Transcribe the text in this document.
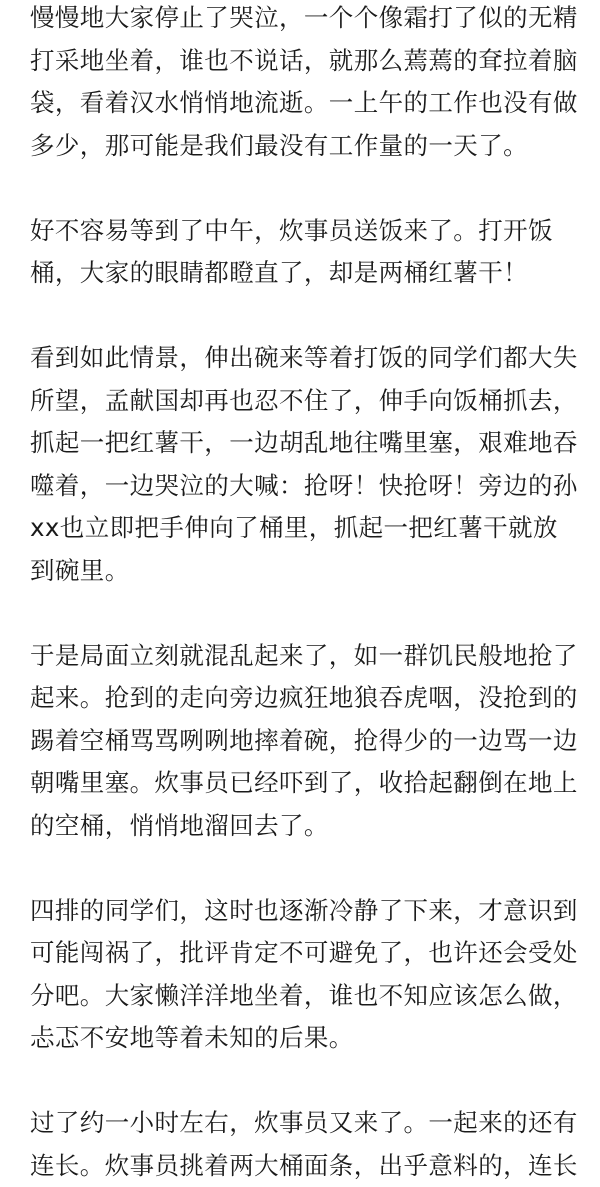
慢慢地大家停止了哭泣，一个个像霜打了似的无精
打采地坐着，谁也不说话，就那么蔫蔫的耷拉着脑
袋，看着汉水悄悄地流逝。一上午的工作也没有做
多少，那可能是我们最没有工作量的一天了。
好不容易等到了中午，炊事员送饭来了。打开饭
桶，大家的眼睛都瞪直了，却是两桶红薯干！
看到如此情景，伸出碗来等着打饭的同学们都大失
所望，孟献国却再也忍不住了，伸手向饭桶抓去，
抓起一把红薯干，一边胡乱地往嘴里塞，艰难地吞
噬着，一边哭泣的大喊：抢呀！快抢呀！旁边的孙
xx也立即把手伸向了桶里，抓起一把红薯干就放
到碗里。
于是局面立刻就混乱起来了，如一群饥民般地抢了
起来。抢到的走向旁边疯狂地狼吞虎咽，没抢到的
踢着空桶骂骂咧咧地摔着碗，抢得少的一边骂一边
朝嘴里塞。炊事员已经吓到了，收拾起翻倒在地上
的空桶，悄悄地溜回去了。
四排的同学们，这时也逐渐冷静了下来，才意识到
可能闯祸了，批评肯定不可避免了，也许还会受处
分吧。大家懒洋洋地坐着，谁也不知应该怎么做，
忐忑不安地等着未知的后果。
过了约一小时左右，炊事员又来了。一起来的还有
连长。炊事员挑着两大桶面条，出乎意料的，连长
